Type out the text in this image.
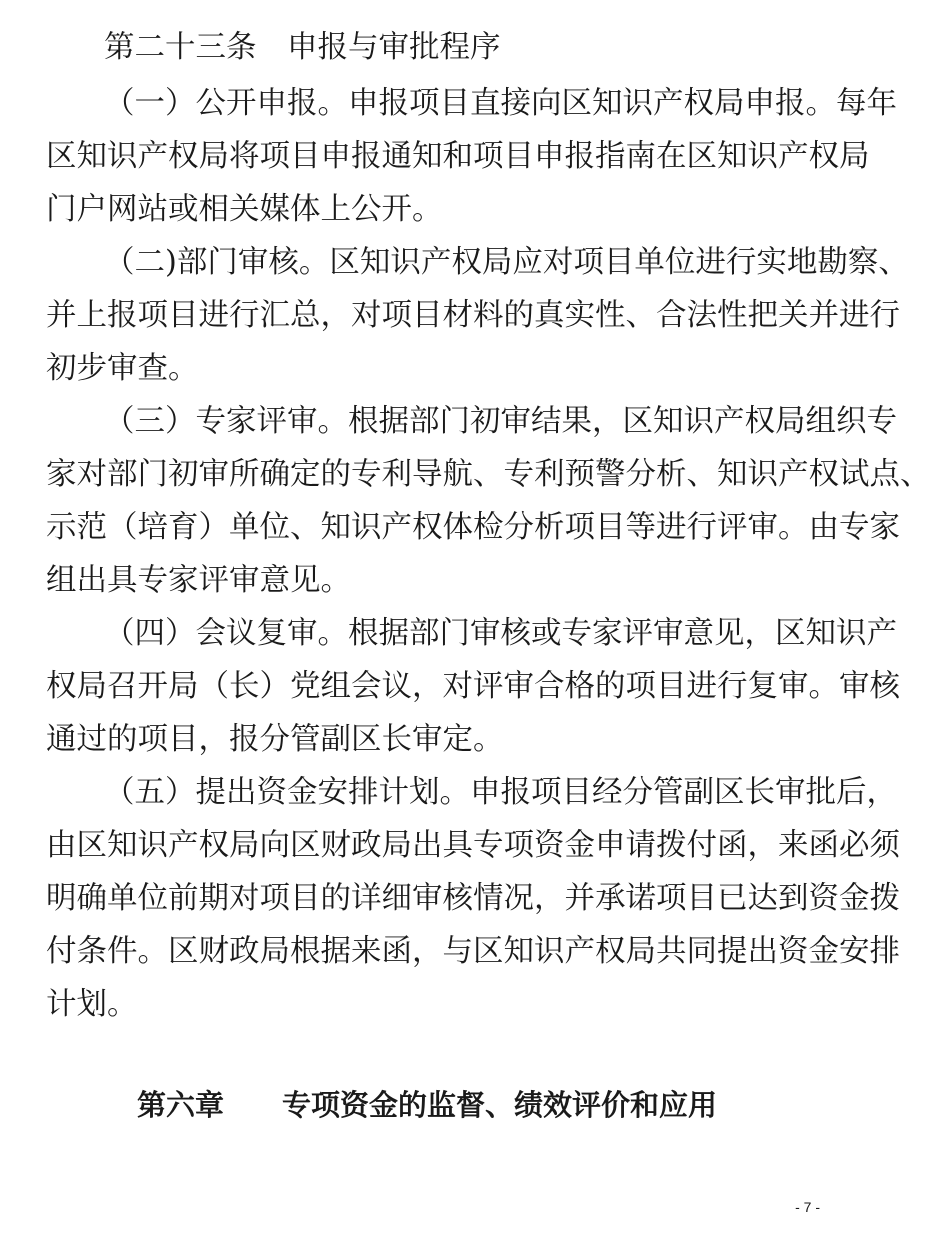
第二十三条　申报与审批程序
（一）公开申报。申报项目直接向区知识产权局申报。每年
区知识产权局将项目申报通知和项目申报指南在区知识产权局
门户网站或相关媒体上公开。
（二)部门审核。区知识产权局应对项目单位进行实地勘察、
并上报项目进行汇总，对项目材料的真实性、合法性把关并进行
初步审查。
（三）专家评审。根据部门初审结果，区知识产权局组织专
家对部门初审所确定的专利导航、专利预警分析、知识产权试点、
示范（培育）单位、知识产权体检分析项目等进行评审。由专家
组出具专家评审意见。
（四）会议复审。根据部门审核或专家评审意见，区知识产
权局召开局（长）党组会议，对评审合格的项目进行复审。审核
通过的项目，报分管副区长审定。
（五）提出资金安排计划。申报项目经分管副区长审批后，
由区知识产权局向区财政局出具专项资金申请拨付函，来函必须
明确单位前期对项目的详细审核情况，并承诺项目已达到资金拨
付条件。区财政局根据来函，与区知识产权局共同提出资金安排
计划。
第六章　　专项资金的监督、绩效评价和应用
- 7 -
